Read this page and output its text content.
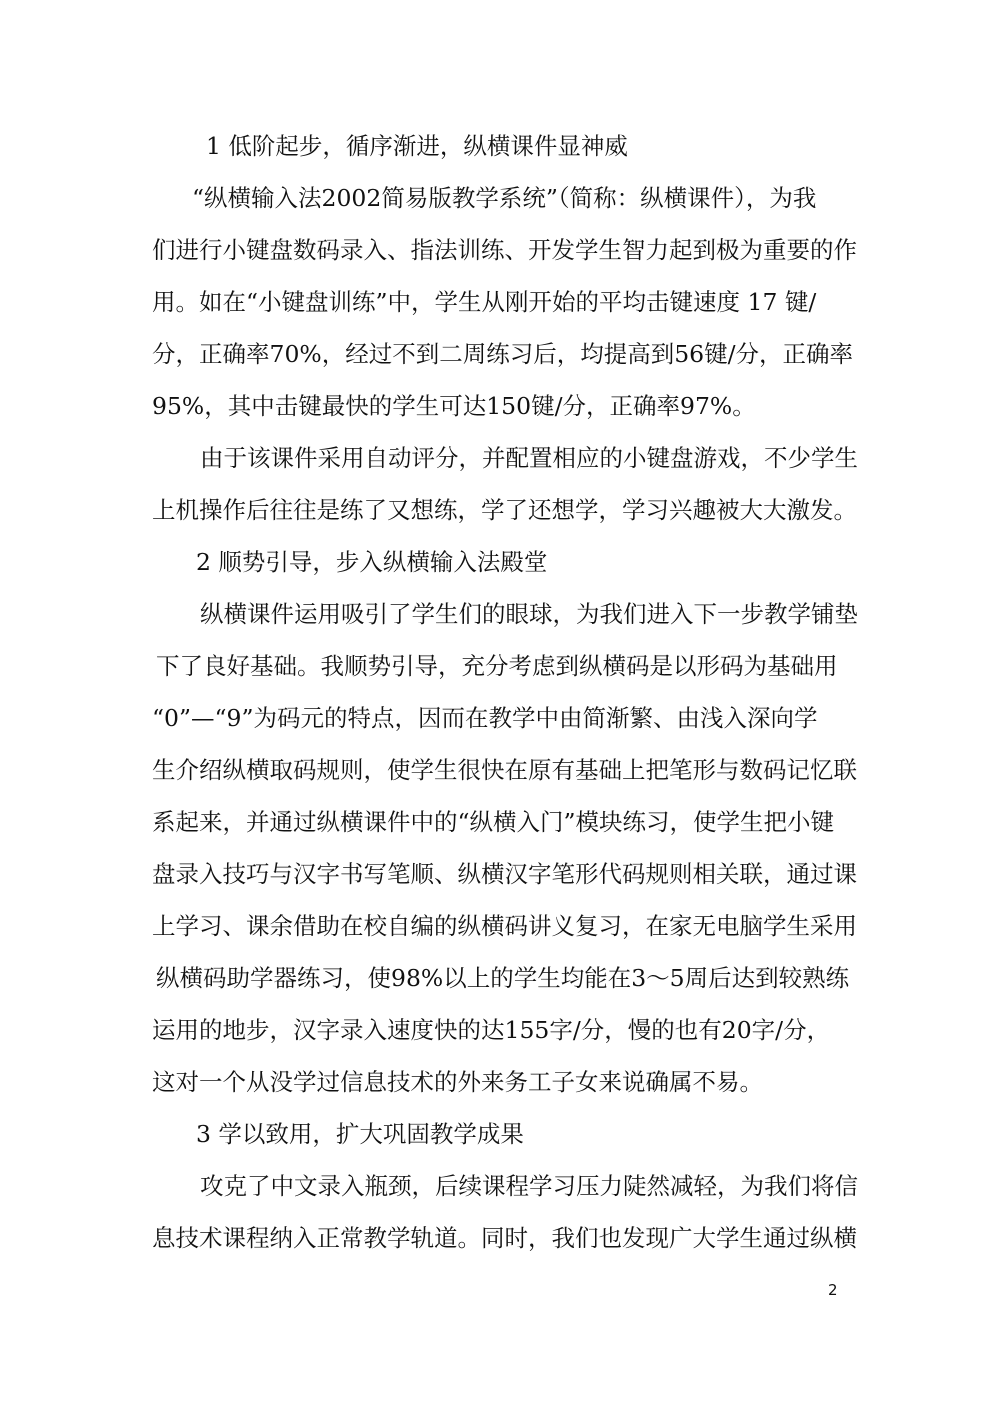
1 低阶起步，循序渐进，纵横课件显神威
“纵横输入法2002简易版教学系统”（简称：纵横课件），为我
们进行小键盘数码录入、指法训练、开发学生智力起到极为重要的作
用。如在“小键盘训练”中，学生从刚开始的平均击键速度 17 键/
分，正确率70%，经过不到二周练习后，均提高到56键/分，正确率
95%，其中击键最快的学生可达150键/分，正确率97%。
由于该课件采用自动评分，并配置相应的小键盘游戏，不少学生
上机操作后往往是练了又想练，学了还想学，学习兴趣被大大激发。
2 顺势引导，步入纵横输入法殿堂
纵横课件运用吸引了学生们的眼球，为我们进入下一步教学铺垫
下了良好基础。我顺势引导，充分考虑到纵横码是以形码为基础用
“0”—“9”为码元的特点，因而在教学中由简渐繁、由浅入深向学
生介绍纵横取码规则，使学生很快在原有基础上把笔形与数码记忆联
系起来，并通过纵横课件中的“纵横入门”模块练习，使学生把小键
盘录入技巧与汉字书写笔顺、纵横汉字笔形代码规则相关联，通过课
上学习、课余借助在校自编的纵横码讲义复习，在家无电脑学生采用
纵横码助学器练习，使98%以上的学生均能在3～5周后达到较熟练
运用的地步，汉字录入速度快的达155字/分，慢的也有20字/分，
这对一个从没学过信息技术的外来务工子女来说确属不易。
3 学以致用，扩大巩固教学成果
攻克了中文录入瓶颈，后续课程学习压力陡然减轻，为我们将信
息技术课程纳入正常教学轨道。同时，我们也发现广大学生通过纵横
2
